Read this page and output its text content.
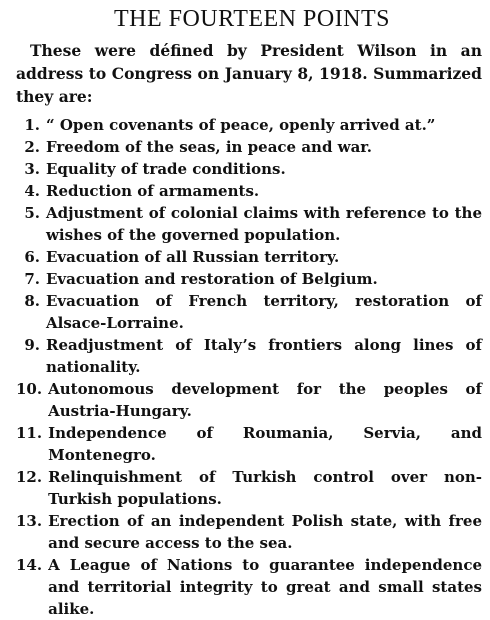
THE FOURTEEN POINTS

These were défined by President Wilson in an address to Congress on January 8, 1918. Summarized they are:

1. “ Open covenants of peace, openly arrived at.”
2. Freedom of the seas, in peace and war.
3. Equality of trade conditions.
4. Reduction of armaments.
5. Adjustment of colonial claims with reference to the wishes of the governed population.
6. Evacuation of all Russian territory.
7. Evacuation and restoration of Belgium.
8. Evacuation of French territory, restoration of Alsace-Lorraine.
9. Readjustment of Italy’s frontiers along lines of nationality.
10. Autonomous development for the peoples of Austria-Hungary.
11. Independence of Roumania, Servia, and Montenegro.
12. Relinquishment of Turkish control over non-Turkish populations.
13. Erection of an independent Polish state, with free and secure access to the sea.
14. A League of Nations to guarantee independence and territorial integrity to great and small states alike.
